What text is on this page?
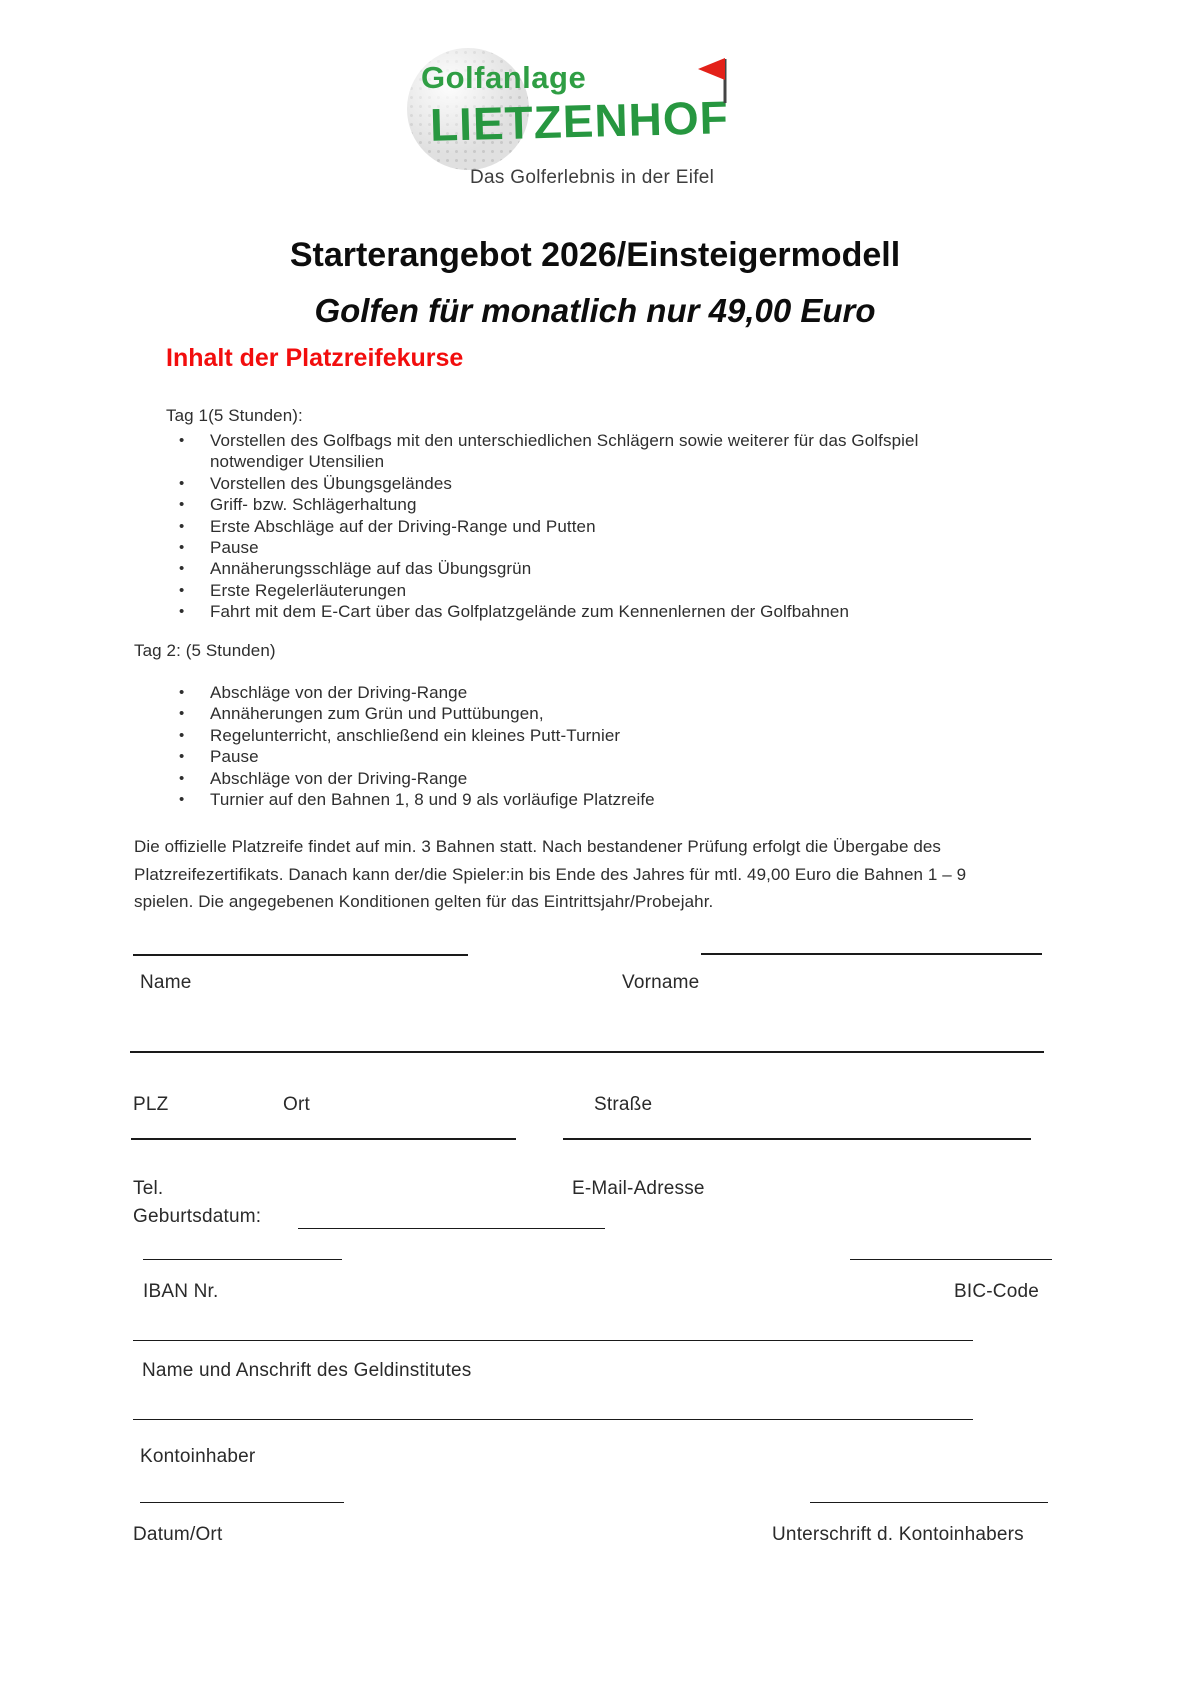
Golfanlage
LIETZENHOF
Das Golferlebnis in der Eifel
Starterangebot 2026/Einsteigermodell
Golfen für monatlich nur 49,00 Euro
Inhalt der Platzreifekurse
Tag 1(5 Stunden):
• Vorstellen des Golfbags mit den unterschiedlichen Schlägern sowie weiterer für das Golfspiel notwendiger Utensilien
• Vorstellen des Übungsgeländes
• Griff- bzw. Schlägerhaltung
• Erste Abschläge auf der Driving-Range und Putten
• Pause
• Annäherungsschläge auf das Übungsgrün
• Erste Regelerläuterungen
• Fahrt mit dem E-Cart über das Golfplatzgelände zum Kennenlernen der Golfbahnen
Tag 2: (5 Stunden)
• Abschläge von der Driving-Range
• Annäherungen zum Grün und Puttübungen,
• Regelunterricht, anschließend ein kleines Putt-Turnier
• Pause
• Abschläge von der Driving-Range
• Turnier auf den Bahnen 1, 8 und 9 als vorläufige Platzreife
Die offizielle Platzreife findet auf min. 3 Bahnen statt. Nach bestandener Prüfung erfolgt die Übergabe des Platzreifezertifikats. Danach kann der/die Spieler:in bis Ende des Jahres für mtl. 49,00 Euro die Bahnen 1 – 9 spielen. Die angegebenen Konditionen gelten für das Eintrittsjahr/Probejahr.
Name	Vorname
PLZ	Ort	Straße
Tel.	E-Mail-Adresse
Geburtsdatum:
IBAN Nr.	BIC-Code
Name und Anschrift des Geldinstitutes
Kontoinhaber
Datum/Ort	Unterschrift d. Kontoinhabers
